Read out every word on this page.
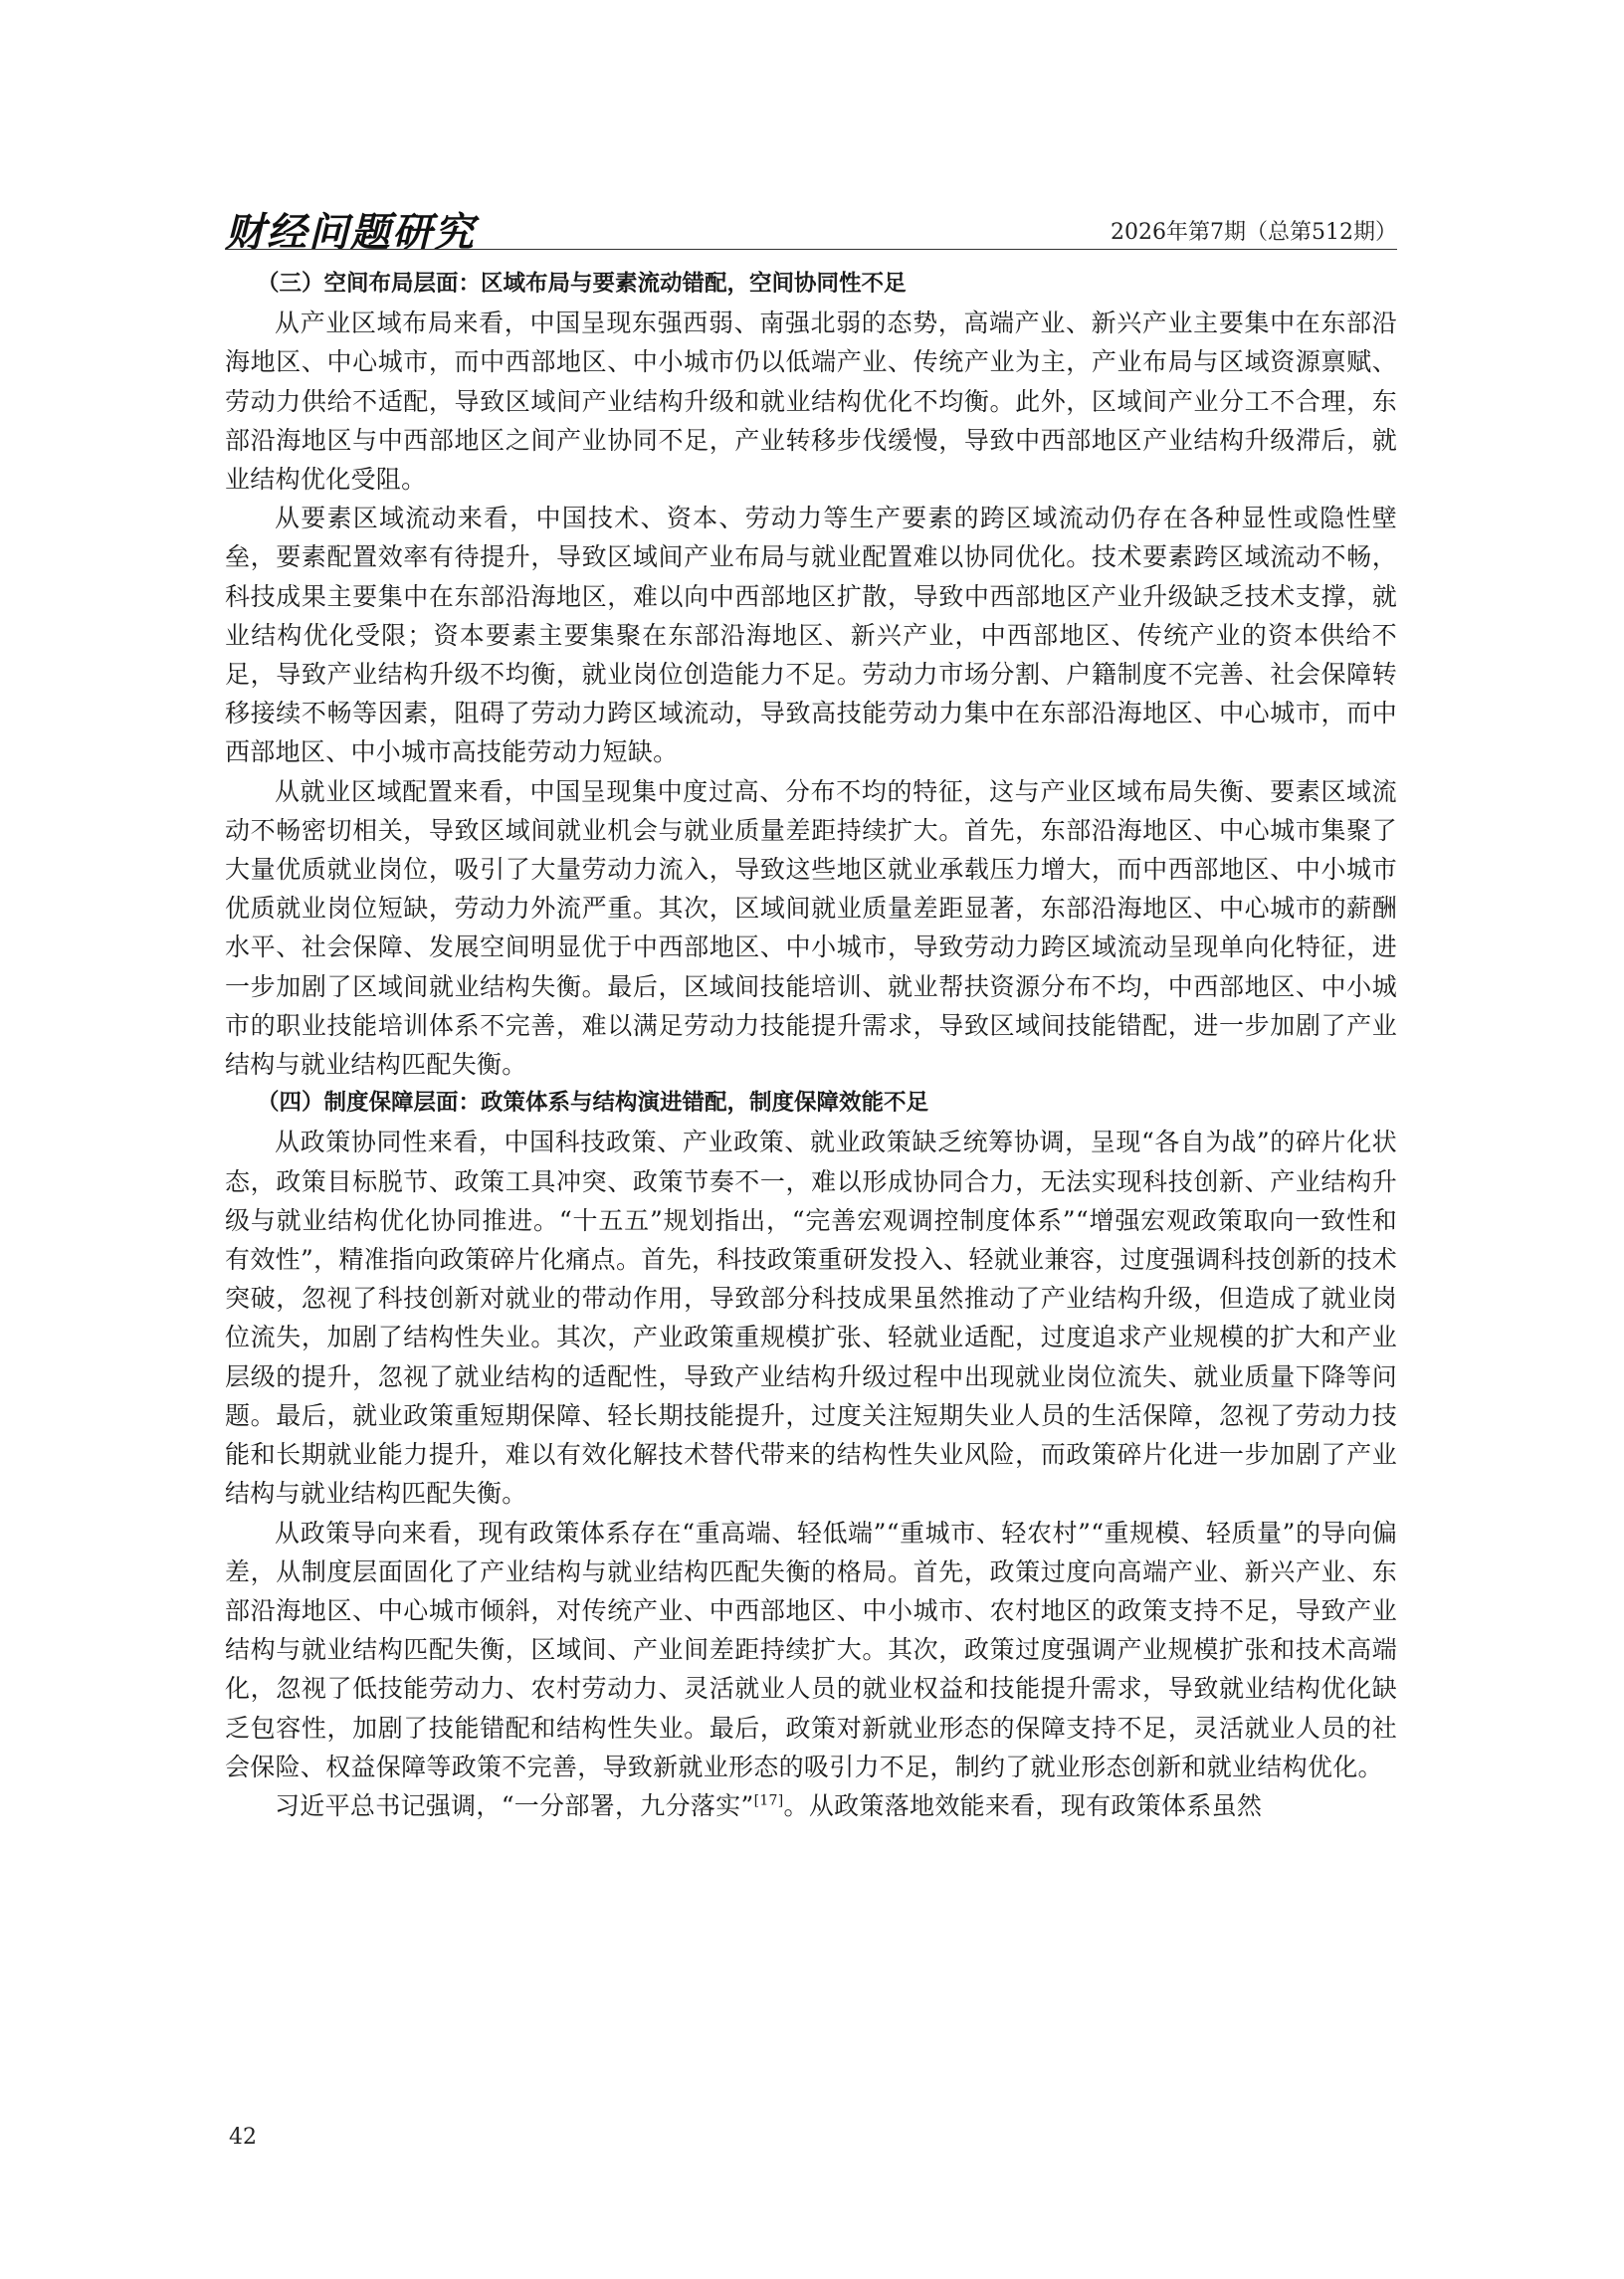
财经问题研究	2026年第7期（总第512期）
（三）空间布局层面：区域布局与要素流动错配，空间协同性不足

从产业区域布局来看，中国呈现东强西弱、南强北弱的态势，高端产业、新兴产业主要集中在东部沿海地区、中心城市，而中西部地区、中小城市仍以低端产业、传统产业为主，产业布局与区域资源禀赋、劳动力供给不适配，导致区域间产业结构升级和就业结构优化不均衡。此外，区域间产业分工不合理，东部沿海地区与中西部地区之间产业协同不足，产业转移步伐缓慢，导致中西部地区产业结构升级滞后，就业结构优化受阻。

从要素区域流动来看，中国技术、资本、劳动力等生产要素的跨区域流动仍存在各种显性或隐性壁垒，要素配置效率有待提升，导致区域间产业布局与就业配置难以协同优化。技术要素跨区域流动不畅，科技成果主要集中在东部沿海地区，难以向中西部地区扩散，导致中西部地区产业升级缺乏技术支撑，就业结构优化受限；资本要素主要集聚在东部沿海地区、新兴产业，中西部地区、传统产业的资本供给不足，导致产业结构升级不均衡，就业岗位创造能力不足。劳动力市场分割、户籍制度不完善、社会保障转移接续不畅等因素，阻碍了劳动力跨区域流动，导致高技能劳动力集中在东部沿海地区、中心城市，而中西部地区、中小城市高技能劳动力短缺。

从就业区域配置来看，中国呈现集中度过高、分布不均的特征，这与产业区域布局失衡、要素区域流动不畅密切相关，导致区域间就业机会与就业质量差距持续扩大。首先，东部沿海地区、中心城市集聚了大量优质就业岗位，吸引了大量劳动力流入，导致这些地区就业承载压力增大，而中西部地区、中小城市优质就业岗位短缺，劳动力外流严重。其次，区域间就业质量差距显著，东部沿海地区、中心城市的薪酬水平、社会保障、发展空间明显优于中西部地区、中小城市，导致劳动力跨区域流动呈现单向化特征，进一步加剧了区域间就业结构失衡。最后，区域间技能培训、就业帮扶资源分布不均，中西部地区、中小城市的职业技能培训体系不完善，难以满足劳动力技能提升需求，导致区域间技能错配，进一步加剧了产业结构与就业结构匹配失衡。

（四）制度保障层面：政策体系与结构演进错配，制度保障效能不足

从政策协同性来看，中国科技政策、产业政策、就业政策缺乏统筹协调，呈现“各自为战”的碎片化状态，政策目标脱节、政策工具冲突、政策节奏不一，难以形成协同合力，无法实现科技创新、产业结构升级与就业结构优化协同推进。“十五五”规划指出，“完善宏观调控制度体系”“增强宏观政策取向一致性和有效性”，精准指向政策碎片化痛点。首先，科技政策重研发投入、轻就业兼容，过度强调科技创新的技术突破，忽视了科技创新对就业的带动作用，导致部分科技成果虽然推动了产业结构升级，但造成了就业岗位流失，加剧了结构性失业。其次，产业政策重规模扩张、轻就业适配，过度追求产业规模的扩大和产业层级的提升，忽视了就业结构的适配性，导致产业结构升级过程中出现就业岗位流失、就业质量下降等问题。最后，就业政策重短期保障、轻长期技能提升，过度关注短期失业人员的生活保障，忽视了劳动力技能和长期就业能力提升，难以有效化解技术替代带来的结构性失业风险，而政策碎片化进一步加剧了产业结构与就业结构匹配失衡。

从政策导向来看，现有政策体系存在“重高端、轻低端”“重城市、轻农村”“重规模、轻质量”的导向偏差，从制度层面固化了产业结构与就业结构匹配失衡的格局。首先，政策过度向高端产业、新兴产业、东部沿海地区、中心城市倾斜，对传统产业、中西部地区、中小城市、农村地区的政策支持不足，导致产业结构与就业结构匹配失衡，区域间、产业间差距持续扩大。其次，政策过度强调产业规模扩张和技术高端化，忽视了低技能劳动力、农村劳动力、灵活就业人员的就业权益和技能提升需求，导致就业结构优化缺乏包容性，加剧了技能错配和结构性失业。最后，政策对新就业形态的保障支持不足，灵活就业人员的社会保险、权益保障等政策不完善，导致新就业形态的吸引力不足，制约了就业形态创新和就业结构优化。

习近平总书记强调，“一分部署，九分落实”[17]。从政策落地效能来看，现有政策体系虽然

42
